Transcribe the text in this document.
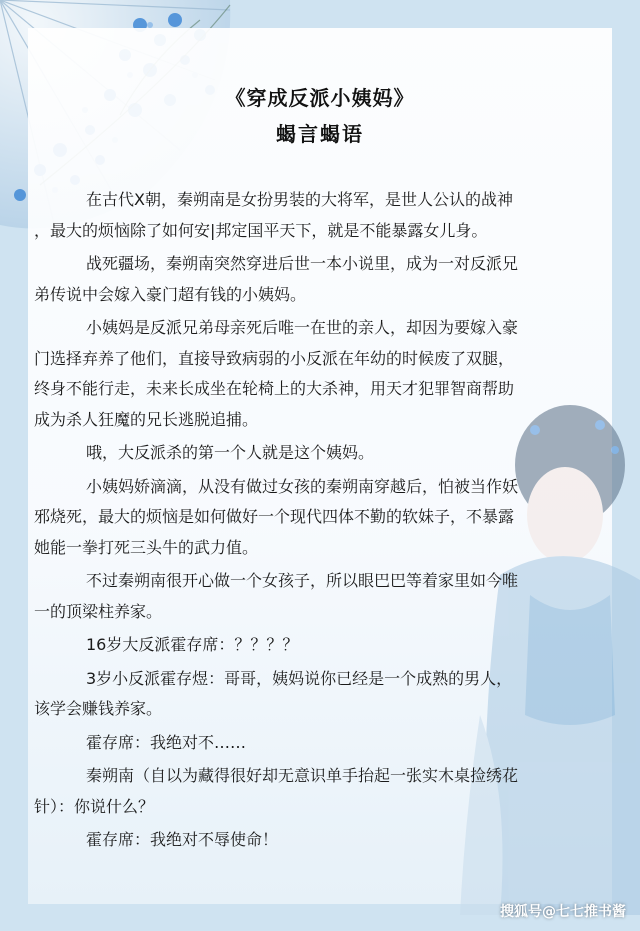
《穿成反派小姨妈》
蝎言蝎语

在古代X朝，秦朔南是女扮男装的大将军，是世人公认的战神
，最大的烦恼除了如何安|邦定国平天下，就是不能暴露女儿身。

战死疆场，秦朔南突然穿进后世一本小说里，成为一对反派兄
弟传说中会嫁入豪门超有钱的小姨妈。

小姨妈是反派兄弟母亲死后唯一在世的亲人，却因为要嫁入豪
门选择弃养了他们，直接导致病弱的小反派在年幼的时候废了双腿，
终身不能行走，未来长成坐在轮椅上的大杀神，用天才犯罪智商帮助
成为杀人狂魔的兄长逃脱追捕。

哦，大反派杀的第一个人就是这个姨妈。

小姨妈娇滴滴，从没有做过女孩的秦朔南穿越后，怕被当作妖
邪烧死，最大的烦恼是如何做好一个现代四体不勤的软妹子，不暴露
她能一拳打死三头牛的武力值。

不过秦朔南很开心做一个女孩子，所以眼巴巴等着家里如今唯
一的顶梁柱养家。

16岁大反派霍存席：？？？？

3岁小反派霍存煜：哥哥，姨妈说你已经是一个成熟的男人，
该学会赚钱养家。

霍存席：我绝对不……

秦朔南（自以为藏得很好却无意识单手抬起一张实木桌捡绣花
针）：你说什么？

霍存席：我绝对不辱使命！

搜狐号@七七推书酱
